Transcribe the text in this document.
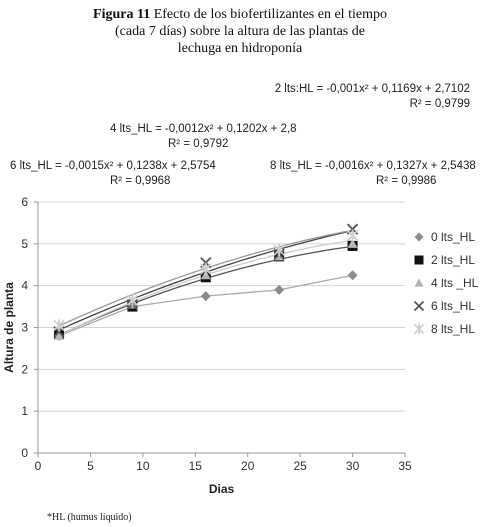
Figura 11 Efecto de los biofertilizantes en el tiempo
(cada 7 días) sobre la altura de las plantas de
lechuga en hidroponía
2 lts:HL = -0,001x² + 0,1169x + 2,7102
R² = 0,9799
4 lts_HL = -0,0012x² + 0,1202x + 2,8
R² = 0,9792
6 lts_HL = -0,0015x² + 0,1238x + 2,5754
R² = 0,9968
8 lts_HL = -0,0016x² + 0,1327x + 2,5438
R² = 0,9986
0	5	10	15	20	25	30	35
0
1
2
3
4
5
6
Dias
Altura de planta
0 lts_HL
2 lts_HL
4 lts _HL
6 lts_HL
8 lts_HL
*HL (humus líquido)
